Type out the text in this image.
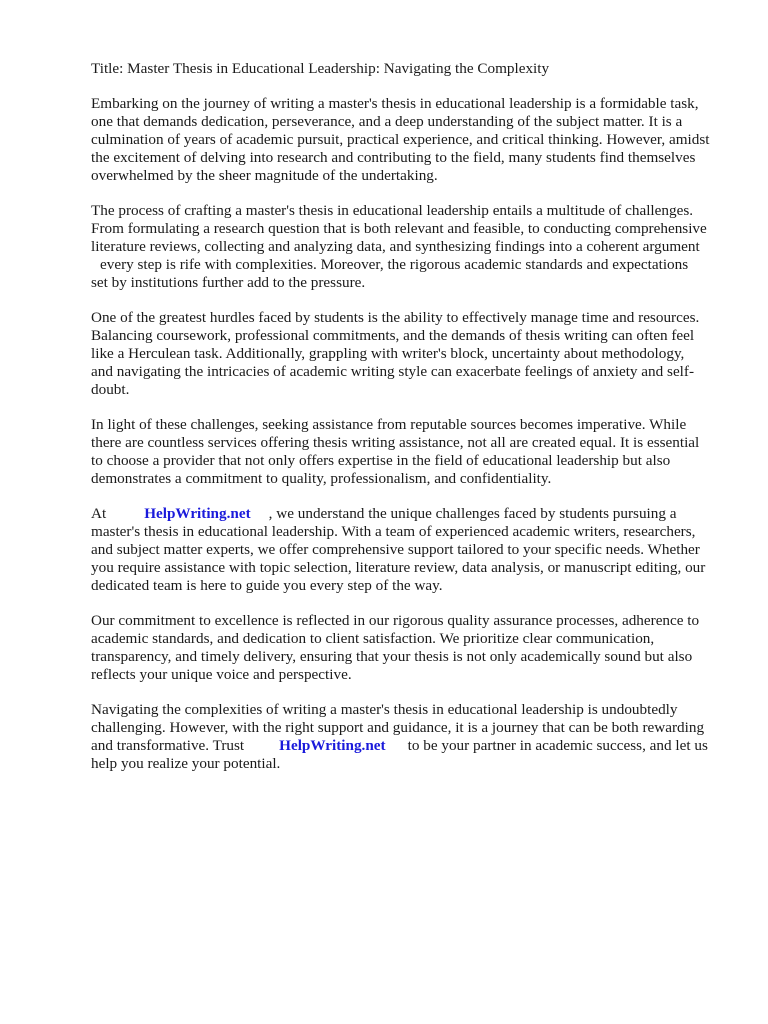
Title: Master Thesis in Educational Leadership: Navigating the Complexity

Embarking on the journey of writing a master's thesis in educational leadership is a formidable task,
one that demands dedication, perseverance, and a deep understanding of the subject matter. It is a
culmination of years of academic pursuit, practical experience, and critical thinking. However, amidst
the excitement of delving into research and contributing to the field, many students find themselves
overwhelmed by the sheer magnitude of the undertaking.
The process of crafting a master's thesis in educational leadership entails a multitude of challenges.
From formulating a research question that is both relevant and feasible, to conducting comprehensive
literature reviews, collecting and analyzing data, and synthesizing findings into a coherent argument
every step is rife with complexities. Moreover, the rigorous academic standards and expectations
set by institutions further add to the pressure.
One of the greatest hurdles faced by students is the ability to effectively manage time and resources.
Balancing coursework, professional commitments, and the demands of thesis writing can often feel
like a Herculean task. Additionally, grappling with writer's block, uncertainty about methodology,
and navigating the intricacies of academic writing style can exacerbate feelings of anxiety and self-
doubt.
In light of these challenges, seeking assistance from reputable sources becomes imperative. While
there are countless services offering thesis writing assistance, not all are created equal. It is essential
to choose a provider that not only offers expertise in the field of educational leadership but also
demonstrates a commitment to quality, professionalism, and confidentiality.
At	HelpWriting.net , we understand the unique challenges faced by students pursuing a
master's thesis in educational leadership. With a team of experienced academic writers, researchers,
and subject matter experts, we offer comprehensive support tailored to your specific needs. Whether
you require assistance with topic selection, literature review, data analysis, or manuscript editing, our
dedicated team is here to guide you every step of the way.
Our commitment to excellence is reflected in our rigorous quality assurance processes, adherence to
academic standards, and dedication to client satisfaction. We prioritize clear communication,
transparency, and timely delivery, ensuring that your thesis is not only academically sound but also
reflects your unique voice and perspective.
Navigating the complexities of writing a master's thesis in educational leadership is undoubtedly
challenging. However, with the right support and guidance, it is a journey that can be both rewarding
and transformative. Trust HelpWriting.net to be your partner in academic success, and let us
help you realize your potential.
